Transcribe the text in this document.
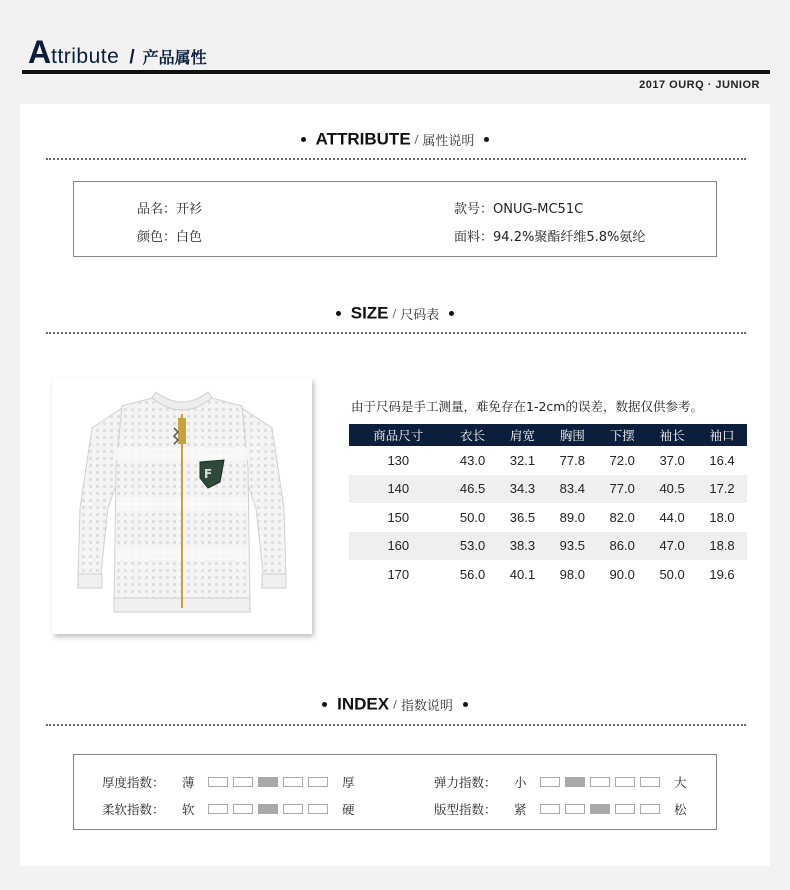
Attribute / 产品属性
2017 OURQ · JUNIOR
ATTRIBUTE / 属性说明
品名：开衫	款号：ONUG-MC51C
颜色：白色	面料：94.2%聚酯纤维5.8%氨纶
SIZE / 尺码表
F
由于尺码是手工测量，难免存在1-2cm的误差，数据仅供参考。
商品尺寸	衣长	肩宽	胸围	下摆	袖长	袖口
130	43.0	32.1	77.8	72.0	37.0	16.4
140	46.5	34.3	83.4	77.0	40.5	17.2
150	50.0	36.5	89.0	82.0	44.0	18.0
160	53.0	38.3	93.5	86.0	47.0	18.8
170	56.0	40.1	98.0	90.0	50.0	19.6
INDEX / 指数说明
厚度指数：	薄	厚
柔软指数：	软	硬
弹力指数：	小	大
版型指数：	紧	松
